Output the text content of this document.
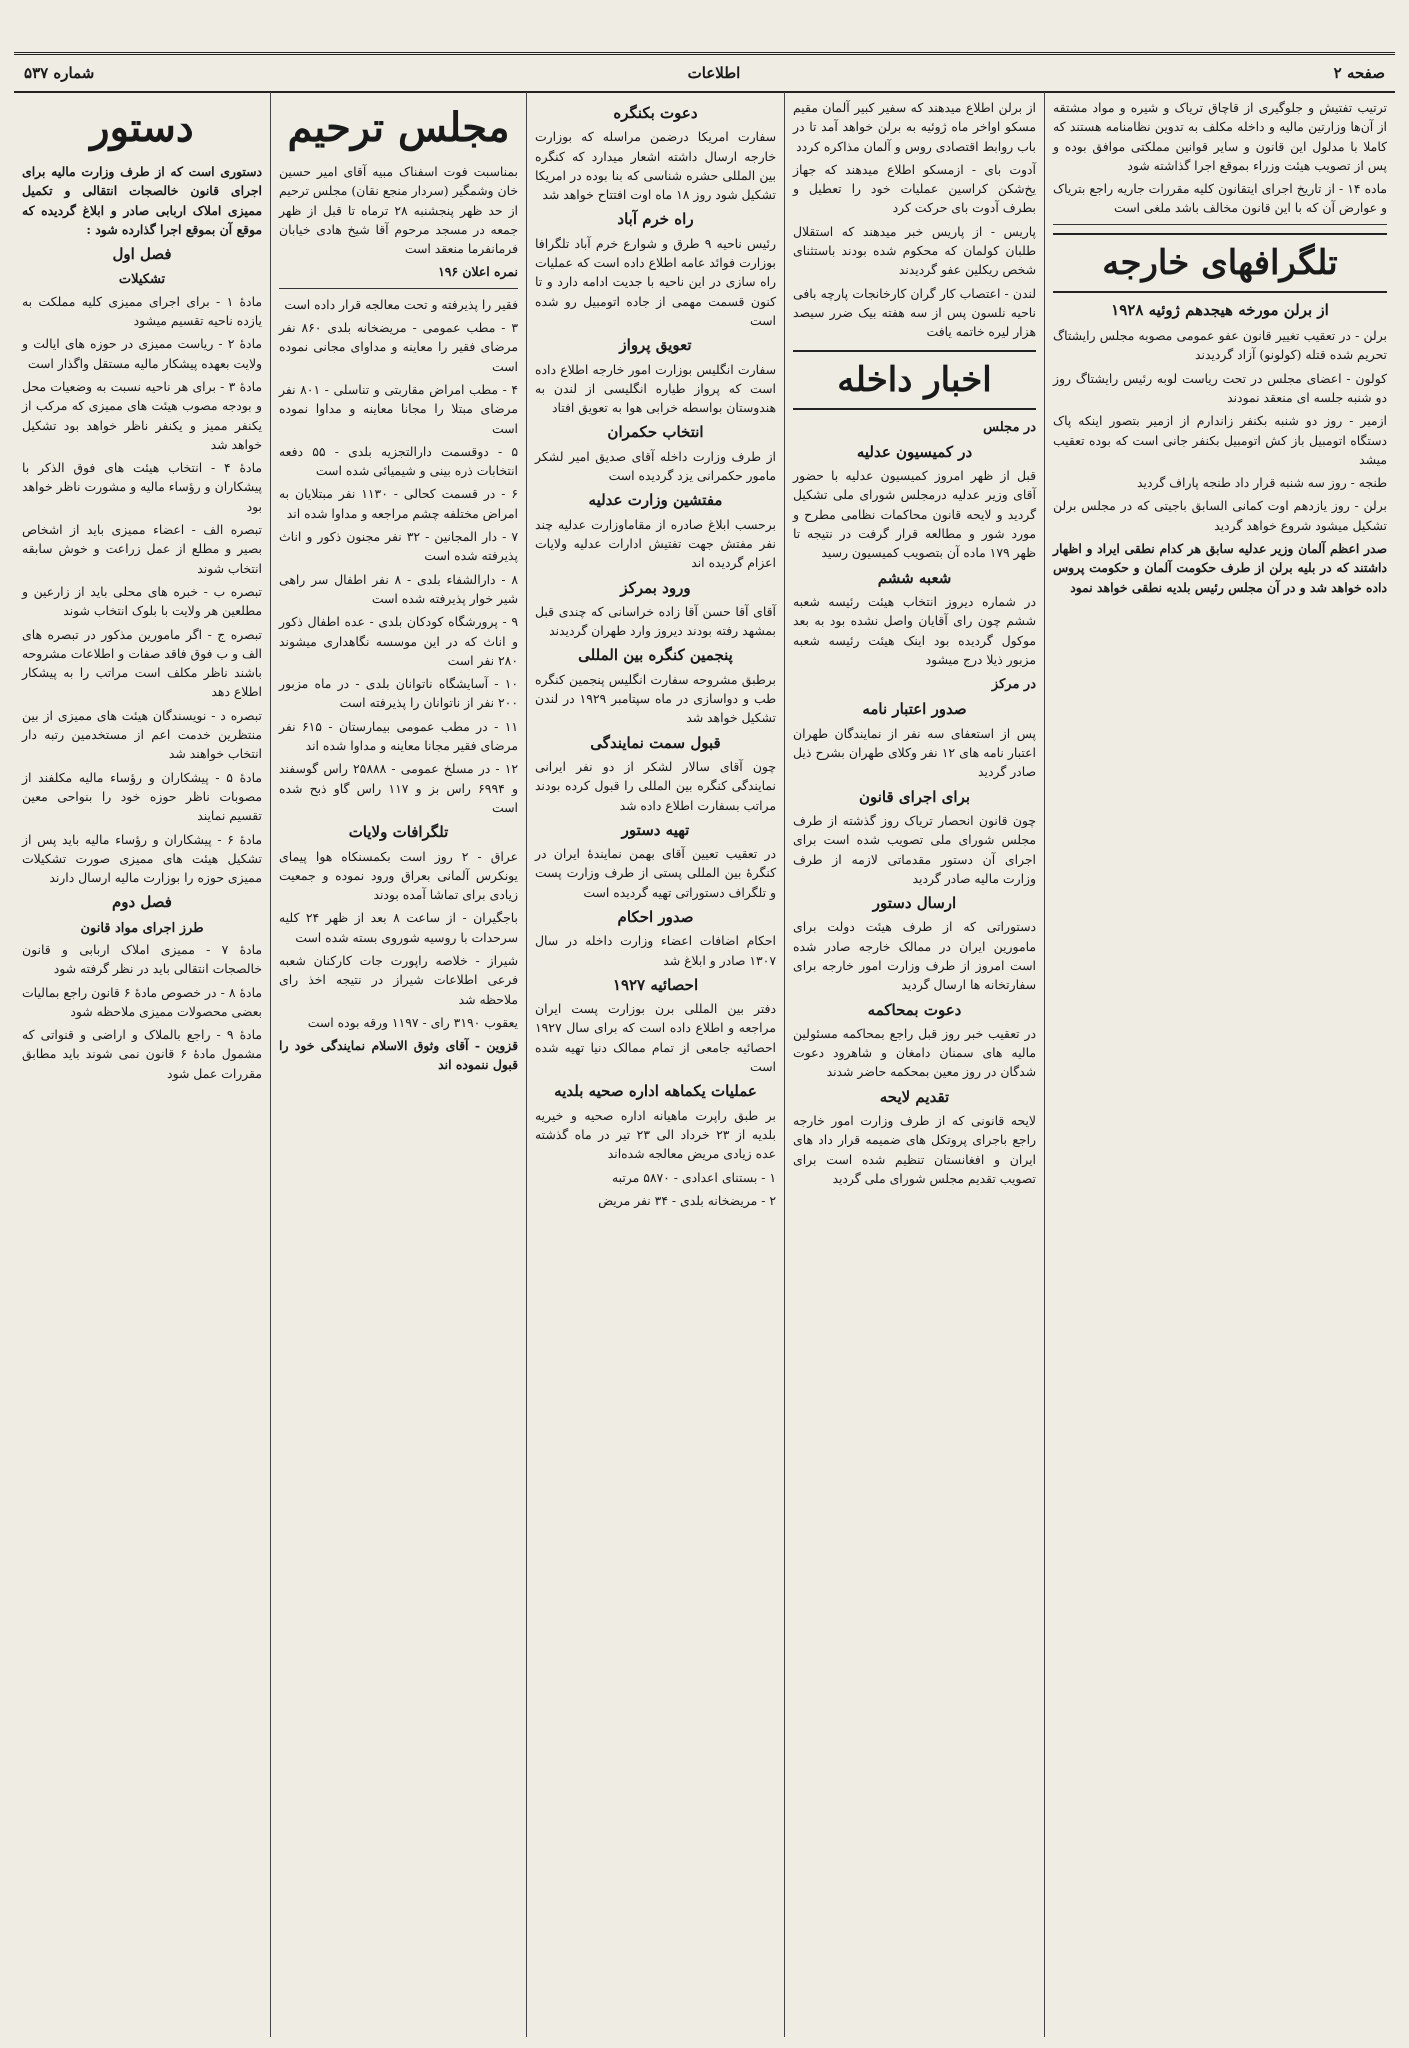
صفحه ۲
اطلاعات
شماره ۵۳۷

ترتیب تفتیش و جلوگیری از قاچاق تریاک و شیره و مواد مشتقه از آن‌ها وزارتین مالیه و داخله مکلف به تدوین نظامنامه هستند که کاملا با مدلول این قانون و سایر قوانین مملکتی موافق بوده و پس از تصویب هیئت وزراء بموقع اجرا گذاشته شود

ماده ۱۴ - از تاریخ اجرای ایتقانون کلیه مقررات جاریه راجع بتریاک و عوارض آن که با این قانون مخالف باشد ملغی است

تلگرافهای خارجه
از برلن مورخه هیجدهم ژوئیه ۱۹۲۸

برلن - در تعقیب تغییر قانون عفو عمومی مصوبه مجلس رایشتاگ تحریم شده قتله (کولونو) آزاد گردیدند

کولون - اعضای مجلس در تحت ریاست لوبه رئیس رایشتاگ روز دو شنبه جلسه ای منعقد نمودند

ازمیر - روز دو شنبه بکنفر زاندارم از ازمیر بتصور اینکه پاک دستگاه اتومبیل باز کش اتومبیل بکنفر جانی است که بوده تعقیب میشد

طنجه - روز سه شنبه قرار داد طنجه پاراف گردید

برلن - روز یازدهم اوت کمانی السابق باجیتی که در مجلس برلن تشکیل میشود شروع خواهد گردید

صدر اعظم آلمان وزیر عدلیه سابق هر کدام نطقی ایراد و اظهار داشتند که در بلیه برلن از طرف حکومت آلمان و حکومت پروس داده خواهد شد و در آن مجلس رئیس بلدیه نطقی خواهد نمود

از برلن اطلاع میدهند که سفیر کبیر آلمان مقیم مسکو اواخر ماه ژوئیه به برلن خواهد آمد تا در باب روابط اقتصادی روس و آلمان مذاکره کردد

آدوت بای - ازمسکو اطلاع میدهند که جهاز یخ‌شکن کراسین عملیات خود را تعطیل و بطرف آدوت بای حرکت کرد

پاریس - از پاریس خبر میدهند که استقلال طلبان کولمان که محکوم شده بودند باستثنای شخص ریکلین عفو گردیدند

لندن - اعتصاب کار گران کارخانجات پارچه بافی ناحیه نلسون پس از سه هفته بیک ضرر سیصد هزار لیره خاتمه یافت

اخبار داخله
در مجلس
در کمیسیون عدلیه

قبل از ظهر امروز کمیسیون عدلیه با حضور آقای وزیر عدلیه درمجلس شورای ملی تشکیل گردید و لایحه قانون محاکمات نظامی مطرح و مورد شور و مطالعه قرار گرفت در نتیجه تا ظهر ۱۷۹ ماده آن بتصویب کمیسیون رسید

شعبه ششم

در شماره دیروز انتخاب هیئت رئیسه شعبه ششم چون رای آقایان واصل نشده بود به بعد موکول گردیده بود اینک هیئت رئیسه شعبه مزبور ذیلا درج میشود

در مرکز
صدور اعتبار نامه

پس از استعفای سه نفر از نمایندگان طهران اعتبار نامه های ۱۲ نفر وکلای طهران بشرح ذیل صادر گردید

برای اجرای قانون

چون قانون انحصار تریاک روز گذشته از طرف مجلس شورای ملی تصویب شده است برای اجرای آن دستور مقدماتی لازمه از طرف وزارت مالیه صادر گردید

ارسال دستور

دستوراتی که از طرف هیئت دولت برای مامورین ایران در ممالک خارجه صادر شده است امروز از طرف وزارت امور خارجه برای سفارتخانه ها ارسال گردید

دعوت بمحاکمه

در تعقیب خبر روز قبل راجع بمحاکمه مسئولین مالیه های سمنان دامغان و شاهرود دعوت شدگان در روز معین بمحکمه حاضر شدند

تقدیم لایحه

لایحه قانونی که از طرف وزارت امور خارجه راجع باجرای پروتکل های ضمیمه قرار داد های ایران و افغانستان تنظیم شده است برای تصویب تقدیم مجلس شورای ملی گردید

دعوت بکنگره

سفارت امریکا درضمن مراسله که بوزارت خارجه ارسال داشته اشعار میدارد که کنگره بین المللی حشره شناسی که بنا بوده در امریکا تشکیل شود روز ۱۸ ماه اوت افتتاح خواهد شد

راه خرم آباد

رئیس ناحیه ۹ طرق و شوارع خرم آباد تلگرافا بوزارت فوائد عامه اطلاع داده است که عملیات راه سازی در این ناحیه با جدیت ادامه دارد و تا کنون قسمت مهمی از جاده اتومبیل رو شده است

تعویق پرواز

سفارت انگلیس بوزارت امور خارجه اطلاع داده است که پرواز طیاره انگلیسی از لندن به هندوستان بواسطه خرابی هوا به تعویق افتاد

انتخاب حکمران

از طرف وزارت داخله آقای صدیق امیر لشکر مامور حکمرانی یزد گردیده است

مفتشین وزارت عدلیه

برحسب ابلاغ صادره از مقاماوزارت عدلیه چند نفر مفتش جهت تفتیش ادارات عدلیه ولایات اعزام گردیده اند

ورود بمرکز

آقای آقا حسن آقا زاده خراسانی که چندی قبل بمشهد رفته بودند دیروز وارد طهران گردیدند

پنجمین کنگره بین المللی

برطبق مشروحه سفارت انگلیس پنجمین کنگره طب و دواسازی در ماه سپتامبر ۱۹۲۹ در لندن تشکیل خواهد شد

قبول سمت نمایندگی

چون آقای سالار لشکر از دو نفر ایرانی نمایندگی کنگره بین المللی را قبول کرده بودند مراتب بسفارت اطلاع داده شد

تهیه دستور

در تعقیب تعیین آقای بهمن نمایندهٔ ایران در کنگرهٔ بین المللی پستی از طرف وزارت پست و تلگراف دستوراتی تهیه گردیده است

صدور احکام

احکام اضافات اعضاء وزارت داخله در سال ۱۳۰۷ صادر و ابلاغ شد

احصائیه ۱۹۲۷

دفتر بین المللی برن بوزارت پست ایران مراجعه و اطلاع داده است که برای سال ۱۹۲۷ احصائیه جامعی از تمام ممالک دنیا تهیه شده است

عملیات یکماهه اداره صحیه بلدیه

بر طبق راپرت ماهیانه اداره صحیه و خیریه بلدیه از ۲۳ خرداد الی ۲۳ تیر در ماه گذشته عده زیادی مریض معالجه شده‌اند

۱ - بستنای اعدادی - ۵۸۷۰ مرتبه

۲ - مریضخانه بلدی - ۳۴ نفر مریض

مجلس ترحیم

بمناسبت فوت اسفناک مبیه آقای امیر حسین خان وشمگیر (سردار منجع نقان) مجلس ترحیم از حد ظهر پنجشنبه ۲۸ ترماه تا قبل از ظهر جمعه در مسجد مرحوم آقا شیخ هادی خیابان فرمانفرما منعقد است

نمره اعلان ۱۹۶

فقیر را پذیرفته و تحت معالجه قرار داده است

۳ - مطب عمومی - مریضخانه بلدی ۸۶۰ نفر مرضای فقیر را معاینه و مداوای مجانی نموده است

۴ - مطب امراض مقاربتی و تناسلی - ۸۰۱ نفر مرضای مبتلا را مجانا معاینه و مداوا نموده است

۵ - دوقسمت دارالتجزیه بلدی - ۵۵ دفعه انتخابات ذره بینی و شیمیائی شده است

۶ - در قسمت کحالی - ۱۱۳۰ نفر مبتلایان به امراض مختلفه چشم مراجعه و مداوا شده اند

۷ - دار المجانین - ۳۲ نفر مجنون ذکور و اناث پذیرفته شده است

۸ - دارالشفاء بلدی - ۸ نفر اطفال سر راهی شیر خوار پذیرفته شده است

۹ - پرورشگاه کودکان بلدی - عده اطفال ذکور و اناث که در این موسسه نگاهداری میشوند ۲۸۰ نفر است

۱۰ - آسایشگاه ناتوانان بلدی - در ماه مزبور ۲۰۰ نفر از ناتوانان را پذیرفته است

۱۱ - در مطب عمومی بیمارستان - ۶۱۵ نفر مرضای فقیر مجانا معاینه و مداوا شده اند

۱۲ - در مسلخ عمومی - ۲۵۸۸۸ راس گوسفند و ۶۹۹۴ راس بز و ۱۱۷ راس گاو ذبح شده است

تلگرافات ولایات

عراق - ۲ روز است بکمسنکاه هوا پیمای یونکرس آلمانی بعراق ورود نموده و جمعیت زیادی برای تماشا آمده بودند

باجگیران - از ساعت ۸ بعد از ظهر ۲۴ کلیه سرحدات با روسیه شوروی بسته شده است

شیراز - خلاصه راپورت جات کارکنان شعبه فرعی اطلاعات شیراز در نتیجه اخذ رای ملاحظه شد

یعقوب ۳۱۹۰ رای - ۱۱۹۷ ورقه بوده است

قزوین - آقای وثوق الاسلام نمایندگی خود را قبول ننموده اند

دستور

دستوری است که از طرف وزارت مالیه برای اجرای قانون خالصجات انتقالی و تکمیل ممیزی املاک اربابی صادر و ابلاغ گردیده که موقع آن بموقع اجرا گذارده شود :

فصل اول
تشکیلات

مادهٔ ۱ - برای اجرای ممیزی کلیه مملکت به یازده ناحیه تقسیم میشود

مادهٔ ۲ - ریاست ممیزی در حوزه های ایالت و ولایت بعهده پیشکار مالیه مستقل واگذار است

مادهٔ ۳ - برای هر ناحیه نسبت به وضعیات محل و بودجه مصوب هیئت های ممیزی که مرکب از یکنفر ممیز و یکنفر ناظر خواهد بود تشکیل خواهد شد

مادهٔ ۴ - انتخاب هیئت های فوق الذکر با پیشکاران و رؤساء مالیه و مشورت ناظر خواهد بود

تبصره الف - اعضاء ممیزی باید از اشخاص بصیر و مطلع از عمل زراعت و خوش سابقه انتخاب شوند

تبصره ب - خبره های محلی باید از زارعین و مطلعین هر ولایت با بلوک انتخاب شوند

تبصره ج - اگر مامورین مذکور در تبصره های الف و ب فوق فاقد صفات و اطلاعات مشروحه باشند ناظر مکلف است مراتب را به پیشکار اطلاع دهد

تبصره د - نویسندگان هیئت های ممیزی از بین منتظرین خدمت اعم از مستخدمین رتبه دار انتخاب خواهند شد

مادهٔ ۵ - پیشکاران و رؤساء مالیه مکلفند از مصوبات ناظر حوزه خود را بنواحی معین تقسیم نمایند

مادهٔ ۶ - پیشکاران و رؤساء مالیه باید پس از تشکیل هیئت های ممیزی صورت تشکیلات ممیزی حوزه را بوزارت مالیه ارسال دارند

فصل دوم
طرز اجرای مواد قانون

مادهٔ ۷ - ممیزی املاک اربابی و قانون خالصجات انتقالی باید در نظر گرفته شود

مادهٔ ۸ - در خصوص مادهٔ ۶ قانون راجع بمالیات بعضی محصولات ممیزی ملاحظه شود

مادهٔ ۹ - راجع بالملاک و اراضی و قنواتی که مشمول مادهٔ ۶ قانون نمی شوند باید مطابق مقررات عمل شود
